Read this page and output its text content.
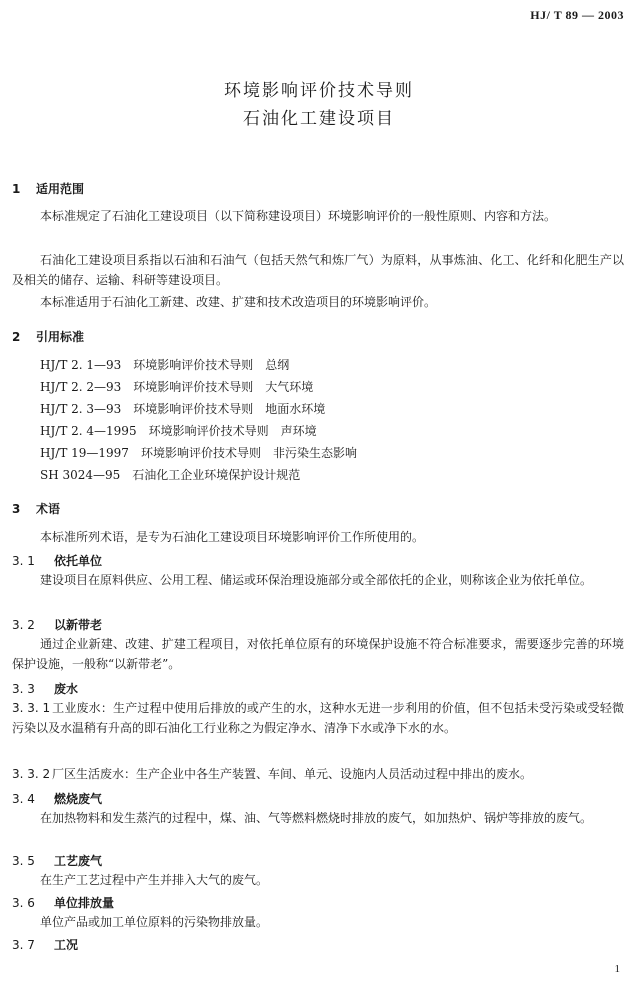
HJ/ T 89 — 2003
环境影响评价技术导则
石油化工建设项目
1 适用范围
本标准规定了石油化工建设项目（以下简称建设项目）环境影响评价的一般性原则、内容和方法。
石油化工建设项目系指以石油和石油气（包括天然气和炼厂气）为原料，从事炼油、化工、化纤和化肥生产以及相关的储存、运输、科研等建设项目。
本标准适用于石油化工新建、改建、扩建和技术改造项目的环境影响评价。
2 引用标准
HJ/T 2. 1—93　环境影响评价技术导则　总纲
HJ/T 2. 2—93　环境影响评价技术导则　大气环境
HJ/T 2. 3—93　环境影响评价技术导则　地面水环境
HJ/T 2. 4—1995　环境影响评价技术导则　声环境
HJ/T 19—1997　环境影响评价技术导则　非污染生态影响
SH 3024—95　石油化工企业环境保护设计规范
3 术语
本标准所列术语，是专为石油化工建设项目环境影响评价工作所使用的。
3. 1 依托单位
建设项目在原料供应、公用工程、储运或环保治理设施部分或全部依托的企业，则称该企业为依托单位。
3. 2 以新带老
通过企业新建、改建、扩建工程项目，对依托单位原有的环境保护设施不符合标准要求，需要逐步完善的环境保护设施，一般称“以新带老”。
3. 3 废水
3. 3. 1 工业废水：生产过程中使用后排放的或产生的水，这种水无进一步利用的价值，但不包括未受污染或受轻微污染以及水温稍有升高的即石油化工行业称之为假定净水、清净下水或净下水的水。
3. 3. 2 厂区生活废水：生产企业中各生产装置、车间、单元、设施内人员活动过程中排出的废水。
3. 4 燃烧废气
在加热物料和发生蒸汽的过程中，煤、油、气等燃料燃烧时排放的废气，如加热炉、锅炉等排放的废气。
3. 5 工艺废气
在生产工艺过程中产生并排入大气的废气。
3. 6 单位排放量
单位产品或加工单位原料的污染物排放量。
3. 7 工况
1
